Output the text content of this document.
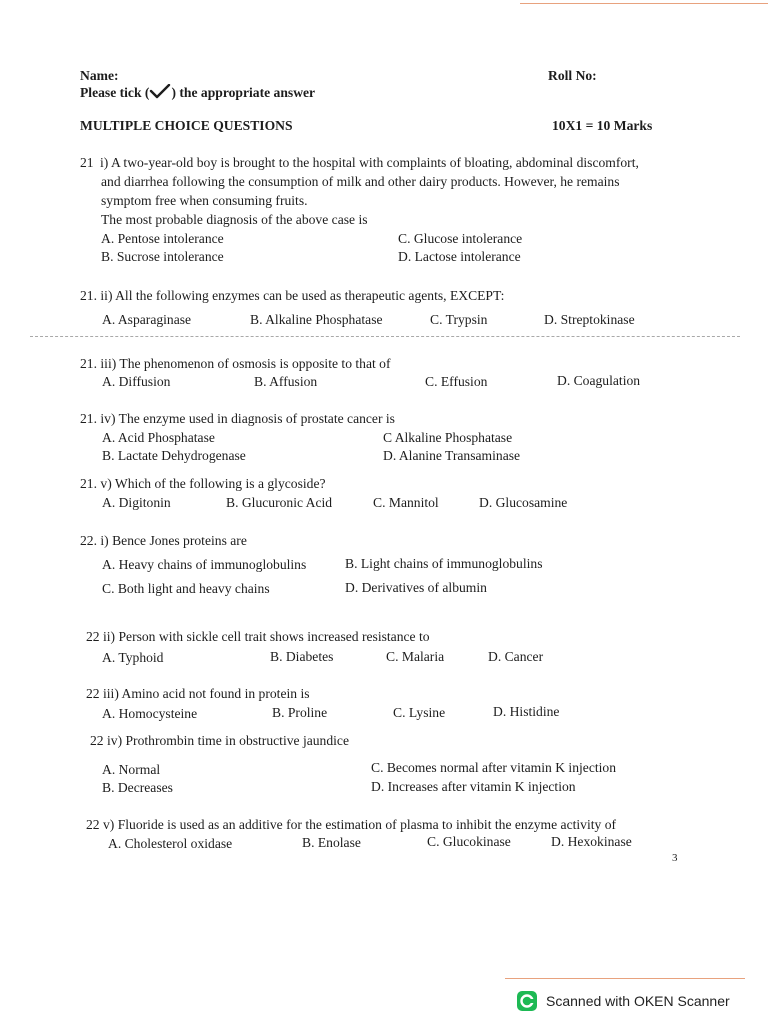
Name:	Roll No:
Please tick ( ) the appropriate answer
MULTIPLE CHOICE QUESTIONS	10X1 = 10 Marks
21 i) A two-year-old boy is brought to the hospital with complaints of bloating, abdominal discomfort,
and diarrhea following the consumption of milk and other dairy products. However, he remains
symptom free when consuming fruits.
The most probable diagnosis of the above case is
A. Pentose intolerance	C. Glucose intolerance
B. Sucrose intolerance	D. Lactose intolerance
21. ii) All the following enzymes can be used as therapeutic agents, EXCEPT:
A. Asparaginase	B. Alkaline Phosphatase	C. Trypsin	D. Streptokinase
21. iii) The phenomenon of osmosis is opposite to that of
A. Diffusion	B. Affusion	C. Effusion	D. Coagulation
21. iv) The enzyme used in diagnosis of prostate cancer is
A. Acid Phosphatase	C Alkaline Phosphatase
B. Lactate Dehydrogenase	D. Alanine Transaminase
21. v) Which of the following is a glycoside?
A. Digitonin	B. Glucuronic Acid	C. Mannitol	D. Glucosamine
22. i) Bence Jones proteins are
A. Heavy chains of immunoglobulins	B. Light chains of immunoglobulins
C. Both light and heavy chains	D. Derivatives of albumin
22 ii) Person with sickle cell trait shows increased resistance to
A. Typhoid	B. Diabetes	C. Malaria	D. Cancer
22 iii) Amino acid not found in protein is
A. Homocysteine	B. Proline	C. Lysine	D. Histidine
22 iv) Prothrombin time in obstructive jaundice
A. Normal	C. Becomes normal after vitamin K injection
B. Decreases	D. Increases after vitamin K injection
22 v) Fluoride is used as an additive for the estimation of plasma to inhibit the enzyme activity of
A. Cholesterol oxidase	B. Enolase	C. Glucokinase	D. Hexokinase
3
Scanned with OKEN Scanner
